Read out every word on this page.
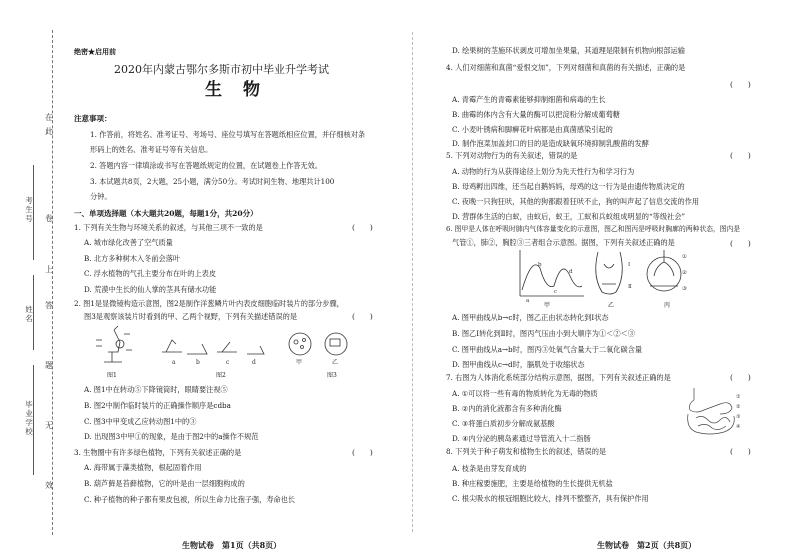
在
此
卷
上
答
题
无
效
考生号
姓名
毕业学校
绝密★启用前
2020年内蒙古鄂尔多斯市初中毕业升学考试
生　物
注意事项：
1. 作答前，将姓名、准考证号、考场号、座位号填写在答题纸相应位置，并仔细核对条
形码上的姓名、准考证号等有关信息。
2. 答题内容一律填涂或书写在答题纸规定的位置，在试题卷上作答无效。
3. 本试题共8页，2大题，25小题，满分50分。考试时间生物、地理共计100
分钟。
一、单项选择题（本大题共20题，每题1分，共20分）
1. 下列有关生物与环境关系的叙述，与其他三项不一致的是	(　　)
A. 城市绿化改善了空气质量
B. 北方多种树木入冬前会落叶
C. 浮水植物的气孔主要分布在叶的上表皮
D. 荒漠中生长的仙人掌的茎具有储水功能
2. 图1是显微镜构造示意图，图2是制作洋葱鳞片叶内表皮细胞临时装片的部分步骤，
图3是观察该装片时看到的甲、乙两个视野，下列有关描述错误的是	(　　)
a	b	c	d	甲	乙
图1	图2	图3
A. 图1中在转动⑤下降镜筒时，眼睛要注视⑤
B. 图2中制作临时装片的正确操作顺序是cdba
C. 图3中甲变成乙应转动图1中的③
D. 出现图3中甲①的现象，是由于图2中的a操作不规范
3. 生物圈中有许多绿色植物，下列有关叙述正确的是	(　　)
A. 海带属于藻类植物，根起固着作用
B. 葫芦藓是苔藓植物，它的叶是由一层细胞构成的
C. 种子植物的种子都有果皮包被，所以生命力比孢子强，寿命也长
生物试卷　第1页（共8页）
D. 绘果树的茎施环状剥皮可增加坐果量，其道理是限制有机物向根部运输
4. 人们对细菌和真菌“爱恨交加”，下列对细菌和真菌的有关描述，正确的是
(　　)
A. 青霉产生的青霉素能够抑制细菌和病毒的生长
B. 曲霉的体内含有大量的酶可以把淀粉分解成葡萄糖
C. 小麦叶锈病和脚癣花叶病都是由真菌感染引起的
D. 制作泡菜加盖封口的目的是造成缺氧环境抑制乳酸菌的发酵
5. 下列对动物行为的有关叙述，错误的是	(　　)
A. 动物的行为从获得途径上划分为先天性行为和学习行为
B. 母鸡孵出四维，还当起自鹅妈妈，母鸡的这一行为是由遗传物质决定的
C. 夜晚一只狗狂吠，其他的狗都跟着狂吠不止，狗的叫声起了信息交流的作用
D. 营群体生活的白蚁，由蚁后，蚁王，工蚁和兵蚁组成明显的“等级社会”
6. 图甲是人体在呼吸时肺内气体容量变化的示意图，图乙和图丙是呼吸时胸廓的两种状态，图内是
气管①，肺②，胸腔③三者组合示意图。据图，下列有关叙述正确的是	(　　)
a
b
c
d
Ⅰ
Ⅱ
①
②
③
甲	乙	丙
A. 图甲曲线从b→c时，图乙正由状态转化到Ⅰ状态
B. 图乙Ⅰ转化到Ⅱ时，图丙气压由小到大顺序为①＜②＜③
C. 图甲曲线从a→b时，图丙③处氧气含量大于二氧化碳含量
D. 图甲曲线从c→d时，膈肌处于收缩状态
7. 右图为人体消化系统部分结构示意图，据图，下列有关叙述正确的是	(　　)
①
②
③
④
A. ①可以将一些有毒的物质转化为无毒的物质
B. ②内的消化液都含有多种消化酶
C. ③将蛋白质初步分解成氨基酸
D. ④内分泌的胰岛素通过导管流入十二指肠
8. 下列关于种子萌发和植物生长的叙述，错误的是	(　　)
A. 枝条是由芽发育成的
B. 种庄稼要施肥，主要是给植物的生长提供无机盐
C. 根尖吸水的根冠细胞比较大，排列不整整齐，具有保护作用
生物试卷　第2页（共8页）
